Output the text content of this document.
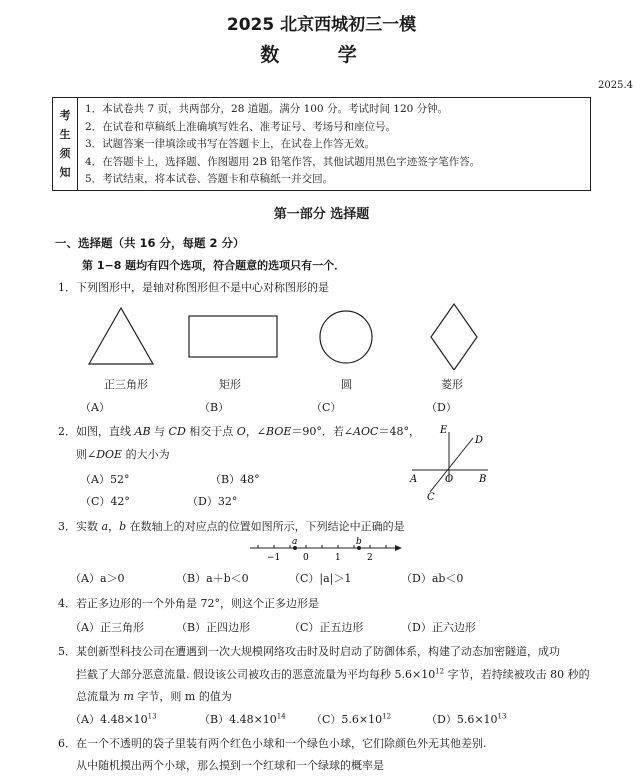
2025 北京西城初三一模
数 学
2025.4
考
生
须
知
1．本试卷共 7 页，共两部分，28 道题。满分 100 分。考试时间 120 分钟。
2．在试卷和草稿纸上准确填写姓名、准考证号、考场号和座位号。
3．试题答案一律填涂或书写在答题卡上，在试卷上作答无效。
4．在答题卡上，选择题、作图题用 2B 铅笔作答，其他试题用黑色字迹签字笔作答。
5．考试结束，将本试卷、答题卡和草稿纸一并交回。
第一部分 选择题
一、选择题（共 16 分，每题 2 分）
第 1−8 题均有四个选项，符合题意的选项只有一个．
1．下列图形中，是轴对称图形但不是中心对称图形的是
正三角形	矩形	圆	菱形
（A）	（B）	（C）	（D）
2．如图，直线 AB 与 CD 相交于点 O，∠BOE＝90°．若∠AOC＝48°，
则∠DOE 的大小为
（A）52°	（B）48°
（C）42°	（D）32°
E
D
A	O	B
C
3．实数 a，b 在数轴上的对应点的位置如图所示，下列结论中正确的是
a	b
−1	0	1	2
（A）a＞0	（B）a＋b＜0	（C）|a|＞1	（D）ab＜0
4．若正多边形的一个外角是 72°，则这个正多边形是
（A）正三角形	（B）正四边形	（C）正五边形	（D）正六边形
5．某创新型科技公司在遭遇到一次大规模网络攻击时及时启动了防御体系，构建了动态加密隧道，成功
拦截了大部分恶意流量. 假设该公司被攻击的恶意流量为平均每秒 $5.6\times 10^{12}$ 字节，若持续被攻击 80 秒的
总流量为 m 字节，则 m 的值为
$(A)4.48\times 10^{13}$	$(B)4.48\times 10^{14}$ $(C)5.6\times 10^{12}$	$(D)5.6\times 10^{13}$
6．在一个不透明的袋子里装有两个红色小球和一个绿色小球，它们除颜色外无其他差别.
从中随机摸出两个小球，那么摸到一个红球和一个绿球的概率是
